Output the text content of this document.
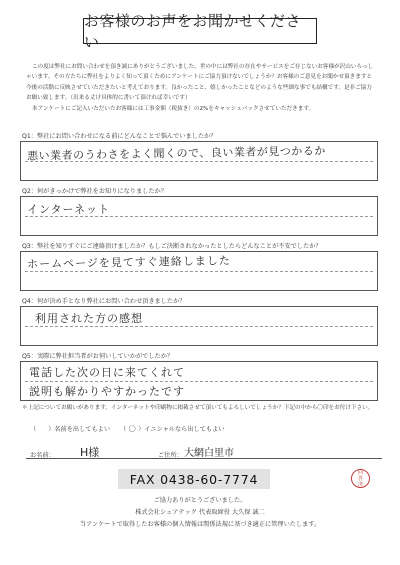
お客様のお声をお聞かせください

この度は弊社にお問い合わせを頂き誠にありがとうございました。世の中には弊社の存在やサービスをご存じないお客様が沢山いらっしゃいます。その方たちに弊社をよりよく知って頂くためにアンケートにご協力頂けないでしょうか？お客様のご意見をお聞かせ頂きますと今後の活動に反映させていただきたいと考えております。良かったこと、嬉しかったことなどのような些細な事でも結構です。是非ご協力お願い致します。（出来る丈け具体的に書いて頂ければ幸いです）

本アンケートにご記入いただいたお客様には工事金額（税抜き）の2%をキャッシュバックさせていただきます。

Q1：弊社にお問い合わせになる前にどんなことで悩んでいましたか？
悪い業者のうわさをよく聞くので、良い業者が見つかるか
Q2：何がきっかけで弊社をお知りになりましたか？
インターネット
Q3：弊社を知りすぐにご連絡頂けましたか？もしご決断されなかったとしたらどんなことが不安でしたか？
ホームページを見てすぐ連絡しました
Q4：何が決め手となり弊社にお問い合わせ頂きましたか？
利用された方の感想
Q5：実際に弊社担当者がお伺いしていかがでしたか？
電話した次の日に来てくれて
説明も解かりやすかったです
＊上記についてお願いがあります。インターネットや印刷物に掲載させて頂いてもよろしいでしょうか？下記の中から〇印をお付け下さい。
（ ）名前を出してもよい （ 〇 ）イニシャルなら出してもよい
お名前： H様	ご住所： 大網白里市
FAX 0438-60-7774	回
答
済
ご協力ありがとうございました。
株式会社シェアテック 代表取締役 大久保 誠二
当アンケートで取得したお客様の個人情報は関係法規に基づき適正に管理いたします。
